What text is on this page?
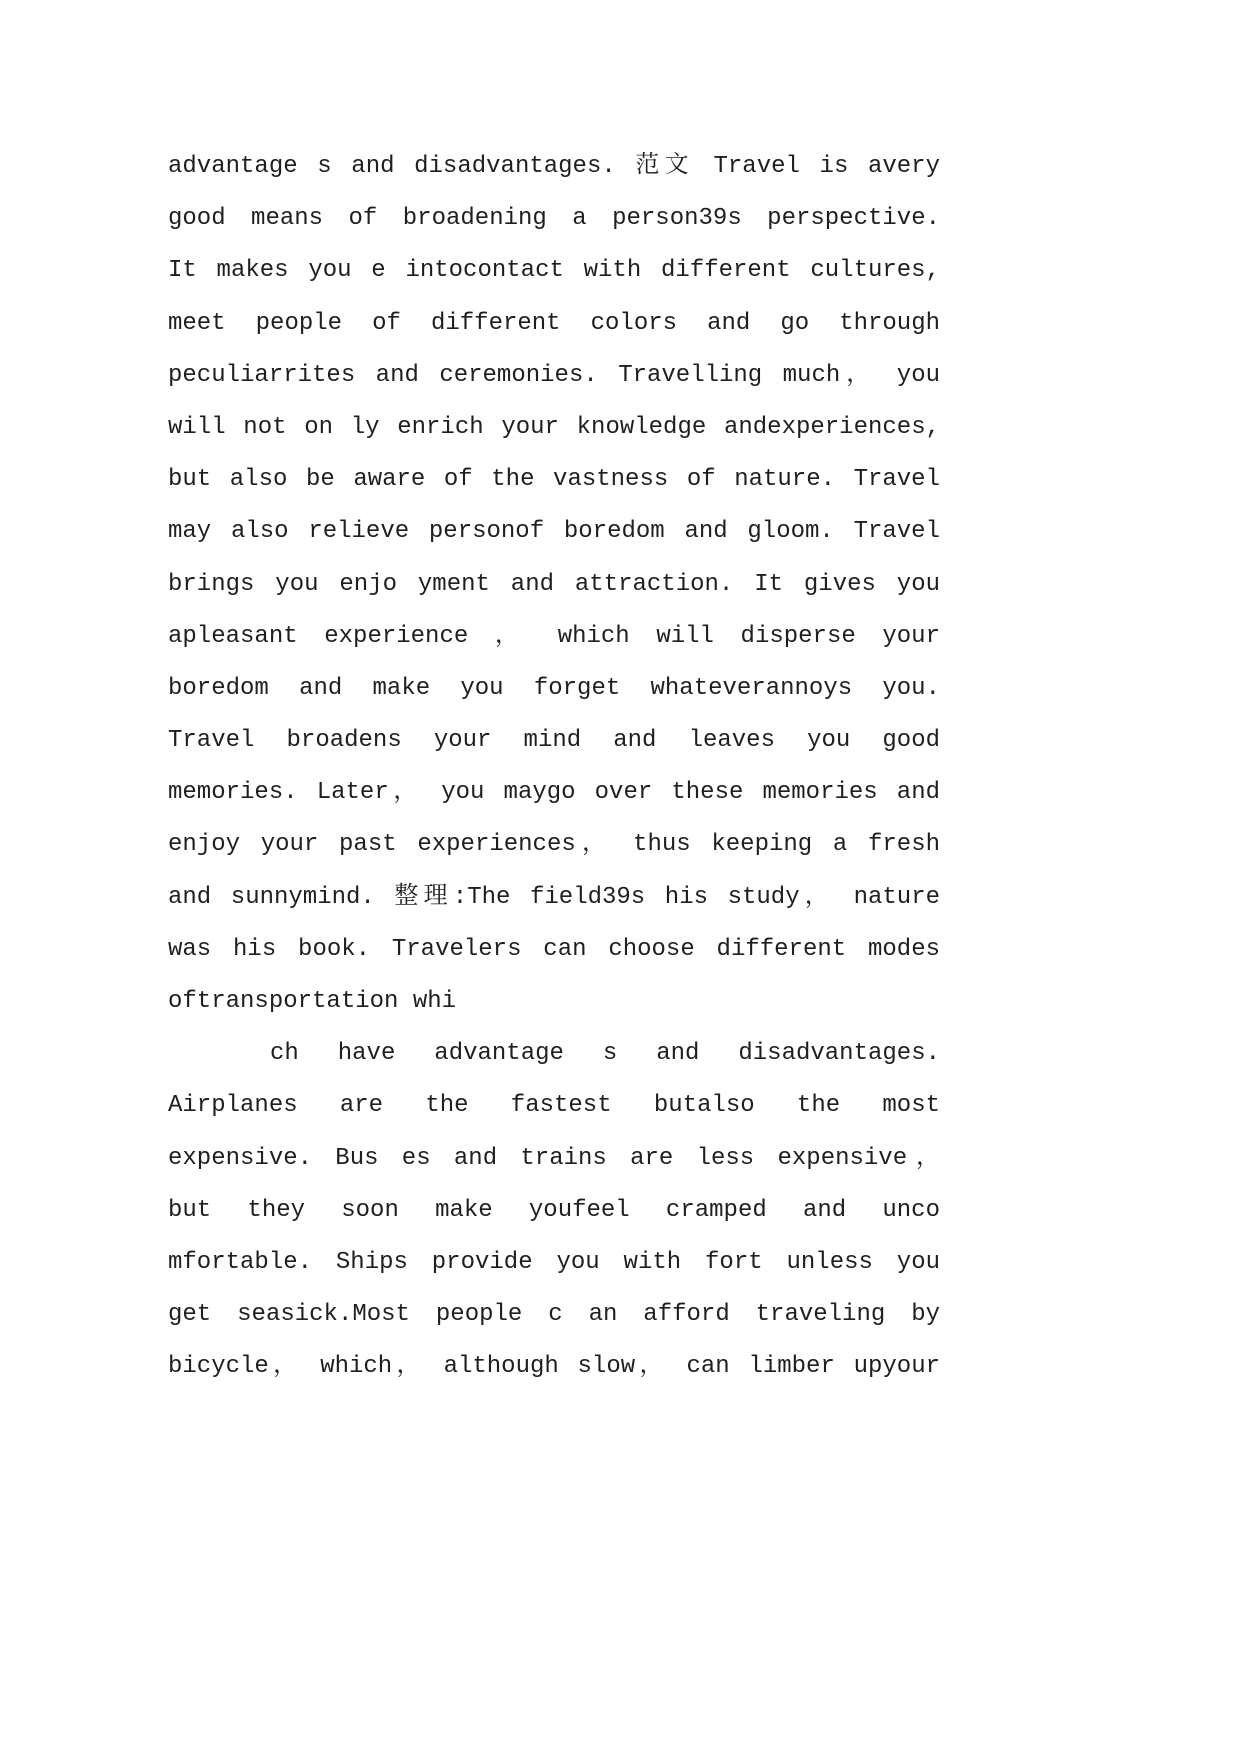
advantage s and disadvantages. 范文 Travel is avery
good means of broadening a person39s perspective.
It makes you e intocontact with different cultures,
meet people of different colors and go through
peculiarrites and ceremonies. Travelling much， you
will not on ly enrich your knowledge andexperiences,
but also be aware of the vastness of nature. Travel
may also relieve personof boredom and gloom. Travel
brings you enjo yment and attraction. It gives you
apleasant experience ， which will disperse your
boredom and make you forget whateverannoys you.
Travel broadens your mind and leaves you good
memories. Later， you maygo over these memories and
enjoy your past experiences， thus keeping a fresh
and sunnymind. 整理:The field39s his study， nature
was his book. Travelers can choose different modes
oftransportation whi
ch have advantage s and disadvantages.
Airplanes are the fastest butalso the most
expensive. Bus es and trains are less expensive，
but they soon make youfeel cramped and unco
mfortable. Ships provide you with fort unless you
get seasick.Most people c an afford traveling by
bicycle， which， although slow， can limber upyour
